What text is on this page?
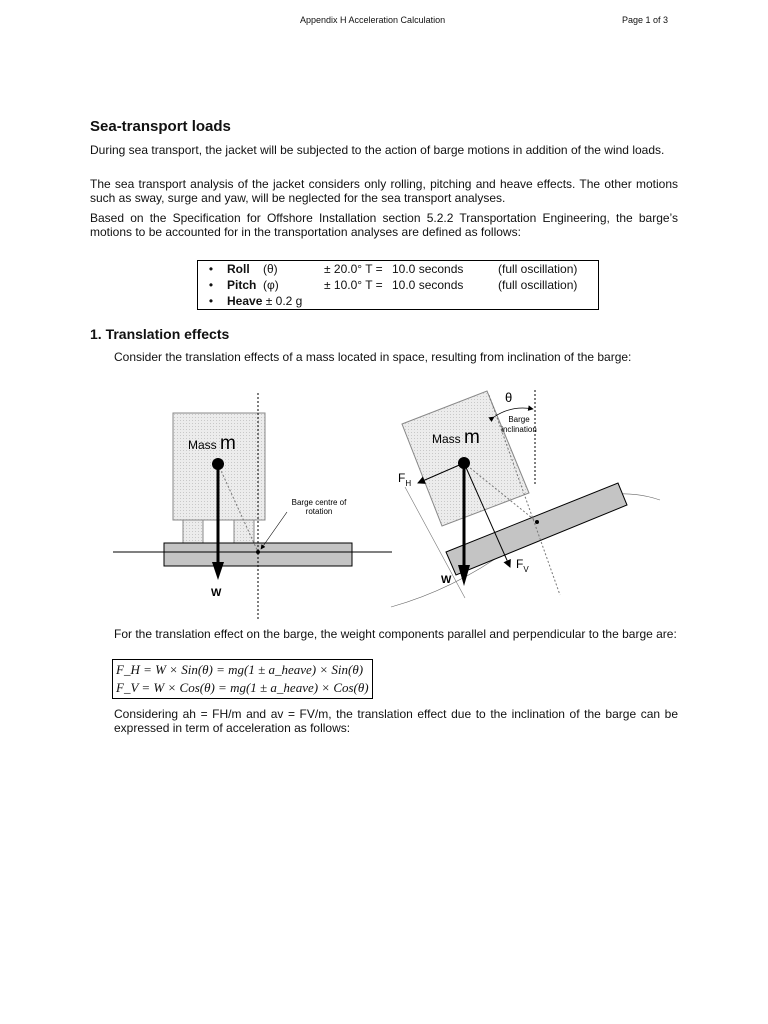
Appendix H Acceleration Calculation	Page 1 of 3
Sea-transport loads
During sea transport, the jacket will be subjected to the action of barge motions in addition of the wind loads.
The sea transport analysis of the jacket considers only rolling, pitching and heave effects. The other motions such as sway, surge and yaw, will be neglected for the sea transport analyses.
Based on the Specification for Offshore Installation section 5.2.2 Transportation Engineering, the barge’s motions to be accounted for in the transportation analyses are defined as follows:
•	Roll	(θ)	± 20.0° T =	10.0 seconds	(full oscillation)
•	Pitch	(φ)	± 10.0° T =	10.0 seconds	(full oscillation)
•	Heave ± 0.2 g				
1. Translation effects
Consider the translation effects of a mass located in space, resulting from inclination of the barge:
Mass m
W
Barge centre of
rotation
Mass m
θ
Barge
inclination
$F_H$
$F_V$
W
For the translation effect on the barge, the weight components parallel and perpendicular to the barge are:
F_H = W × Sin(θ) = mg(1 ± a_heave) × Sin(θ)
F_V = W × Cos(θ) = mg(1 ± a_heave) × Cos(θ)
Considering ah = FH/m and av = FV/m, the translation effect due to the inclination of the barge can be expressed in term of acceleration as follows:
